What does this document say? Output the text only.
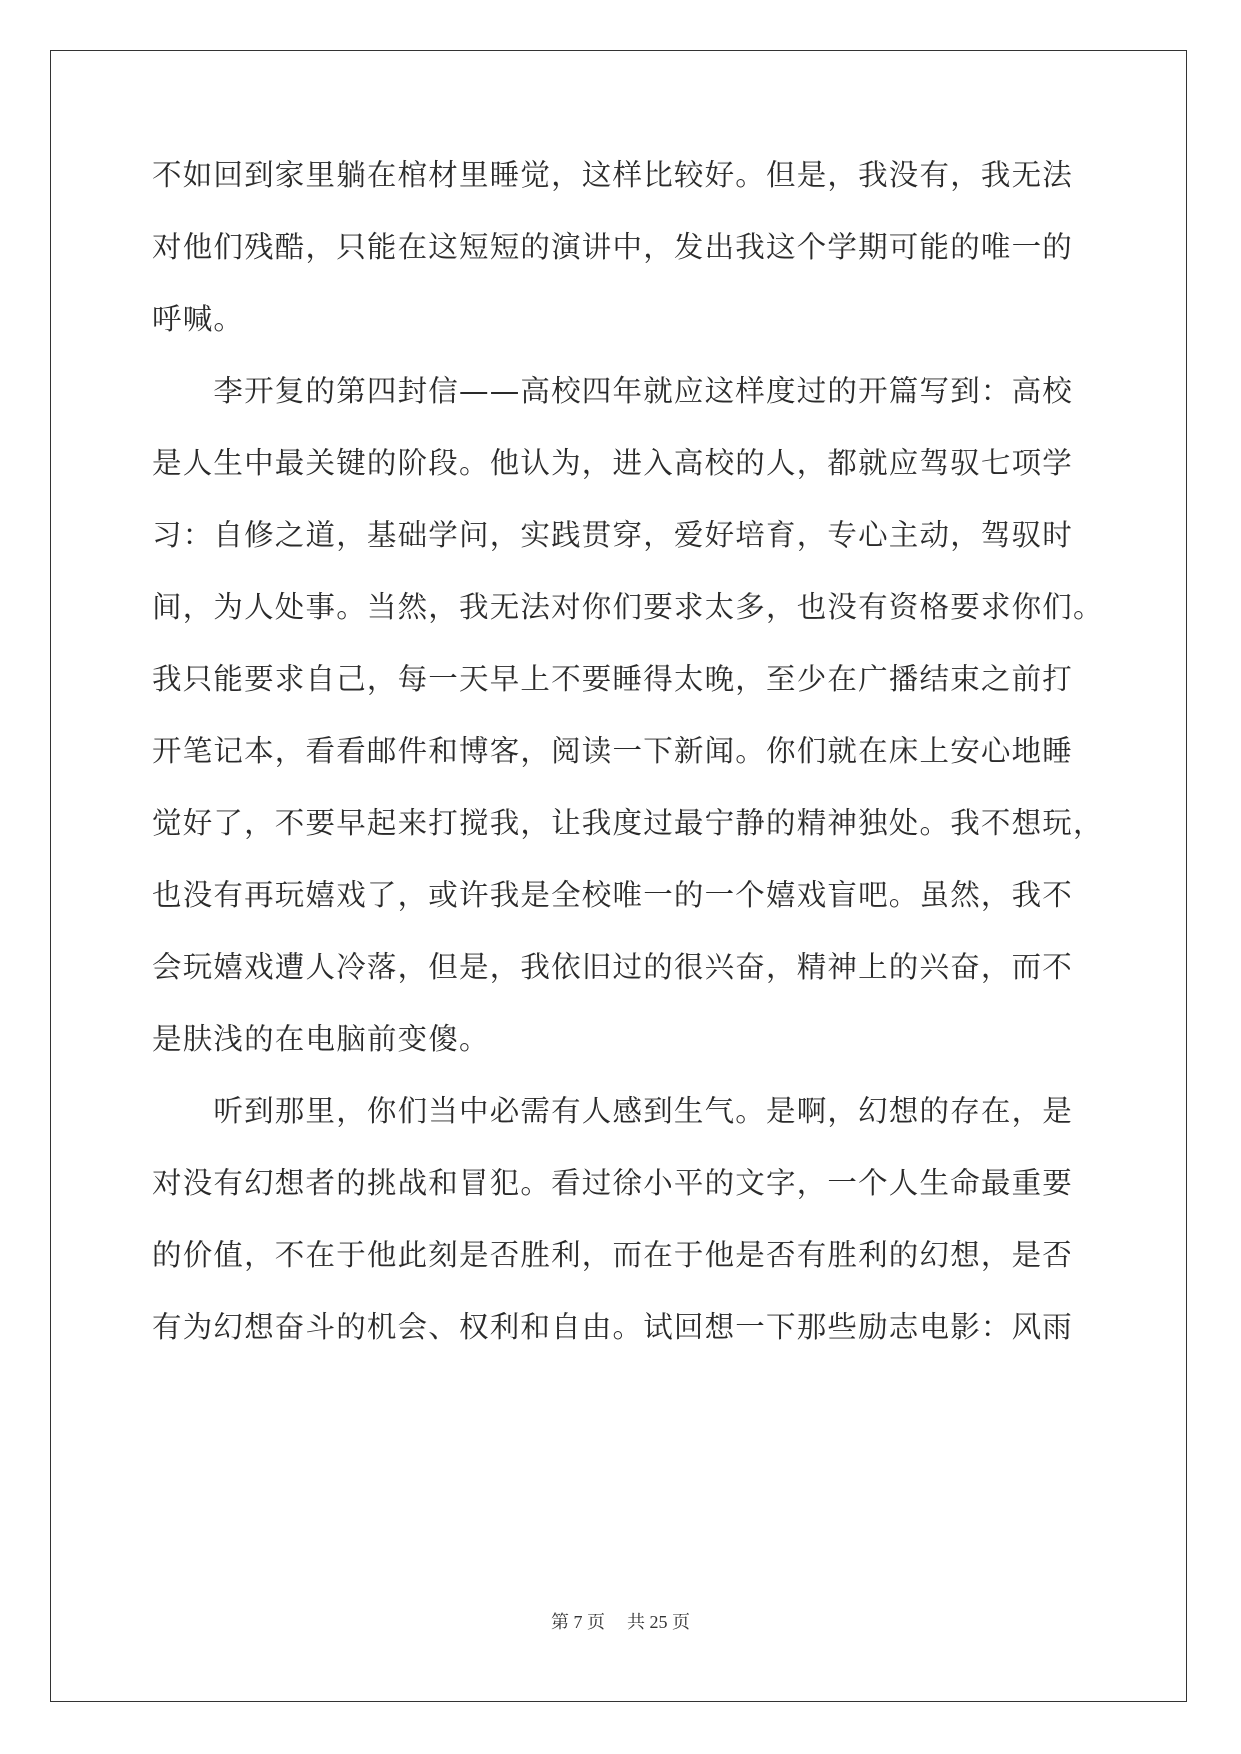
不如回到家里躺在棺材里睡觉，这样比较好。但是，我没有，我无法

对他们残酷，只能在这短短的演讲中，发出我这个学期可能的唯一的

呼喊。

　　李开复的第四封信——高校四年就应这样度过的开篇写到：高校

是人生中最关键的阶段。他认为，进入高校的人，都就应驾驭七项学

习：自修之道，基础学问，实践贯穿，爱好培育，专心主动，驾驭时

间，为人处事。当然，我无法对你们要求太多，也没有资格要求你们。

我只能要求自己，每一天早上不要睡得太晚，至少在广播结束之前打

开笔记本，看看邮件和博客，阅读一下新闻。你们就在床上安心地睡

觉好了，不要早起来打搅我，让我度过最宁静的精神独处。我不想玩，

也没有再玩嬉戏了，或许我是全校唯一的一个嬉戏盲吧。虽然，我不

会玩嬉戏遭人冷落，但是，我依旧过的很兴奋，精神上的兴奋，而不

是肤浅的在电脑前变傻。

　　听到那里，你们当中必需有人感到生气。是啊，幻想的存在，是

对没有幻想者的挑战和冒犯。看过徐小平的文字，一个人生命最重要

的价值，不在于他此刻是否胜利，而在于他是否有胜利的幻想，是否

有为幻想奋斗的机会、权利和自由。试回想一下那些励志电影：风雨

第 7 页 共 25 页
